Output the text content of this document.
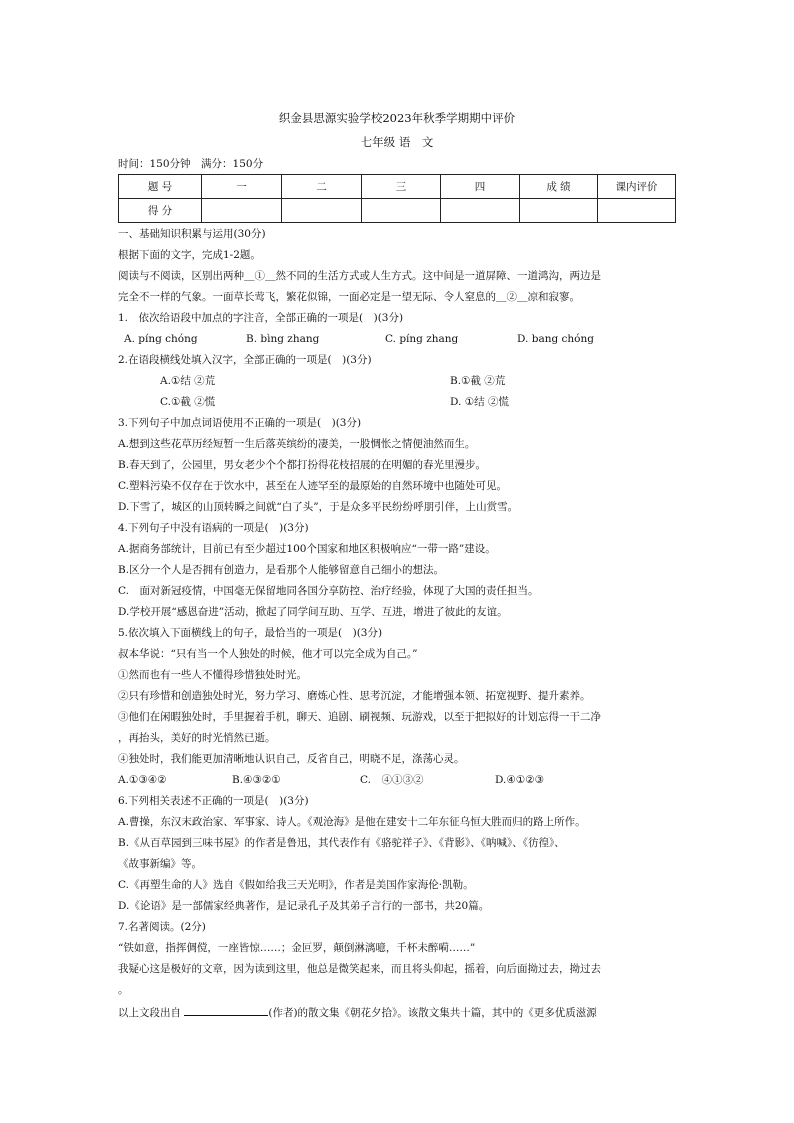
织金县思源实验学校2023年秋季学期期中评价
七年级 语　文
时间：150分钟　满分：150分
题 号	一	二	三	四	成 绩	课内评价
得 分						
一、基础知识积累与运用(30分)
根据下面的文字，完成1-2题。
阅读与不阅读，区别出两种＿①＿然不同的生活方式或人生方式。这中间是一道屏障、一道鸿沟，两边是
完全不一样的气象。一面草长莺飞，繁花似锦，一面必定是一望无际、令人窒息的＿②＿凉和寂寥。
1.　依次给语段中加点的字注音，全部正确的一项是(　)(3分)
A. píng chóng	B. bìng zhang	C. píng zhang	D. bang chóng
2.在语段横线处填入汉字，全部正确的一项是(　)(3分)
A.①结 ②荒	B.①截 ②荒
C.①截 ②慌	D. ①结 ②慌
3.下列句子中加点词语使用不正确的一项是(　)(3分)
A.想到这些花草历经短暂一生后落英缤纷的凄美，一股惆怅之情便油然而生。
B.春天到了，公园里，男女老少个个都打扮得花枝招展的在明媚的春光里漫步。
C.塑料污染不仅存在于饮水中，甚至在人迹罕至的最原始的自然环境中也随处可见。
D.下雪了，城区的山顶转瞬之间就“白了头”，于是众多平民纷纷呼朋引伴，上山赏雪。
4.下列句子中没有语病的一项是(　)(3分)
A.据商务部统计，目前已有至少超过100个国家和地区积极响应“一带一路”建设。
B.区分一个人是否拥有创造力，是看那个人能够留意自己细小的想法。
C.　面对新冠疫情，中国毫无保留地同各国分享防控、治疗经验，体现了大国的责任担当。
D.学校开展“感恩奋进”活动，掀起了同学间互助、互学、互进，增进了彼此的友谊。
5.依次填入下面横线上的句子，最恰当的一项是(　)(3分)
叔本华说：“只有当一个人独处的时候，他才可以完全成为自己。”
①然而也有一些人不懂得珍惜独处时光。
②只有珍惜和创造独处时光，努力学习、磨炼心性、思考沉淀，才能增强本领、拓宽视野、提升素养。
③他们在闲暇独处时，手里握着手机，聊天、追剧、刷视频、玩游戏，以至于把拟好的计划忘得一干二净
，再抬头，美好的时光悄然已逝。
④独处时，我们能更加清晰地认识自己，反省自己，明晓不足，涤荡心灵。
A.①③④②	B.④③②①	C.　④①③②	D.④①②③
6.下列相关表述不正确的一项是(　)(3分)
A.曹操，东汉末政治家、军事家、诗人。《观沧海》是他在建安十二年东征乌恒大胜而归的路上所作。
B.《从百草园到三味书屋》的作者是鲁迅，其代表作有《骆驼祥子》、《背影》、《呐喊》、《彷徨》、
《故事新编》等。
C.《再塑生命的人》选自《假如给我三天光明》，作者是美国作家海伦·凯勒。
D.《论语》是一部儒家经典著作，是记录孔子及其弟子言行的一部书，共20篇。
7.名著阅读。(2分)
“铁如意，指挥倜傥，一座皆惊……；金叵罗，颠倒淋漓噫，千杯未醉嗬……”
我疑心这是极好的文章，因为读到这里，他总是微笑起来，而且将头仰起，摇着，向后面拗过去，拗过去
。
以上文段出自	(作者)的散文集《朝花夕拾》。该散文集共十篇，其中的《更多优质滋源
